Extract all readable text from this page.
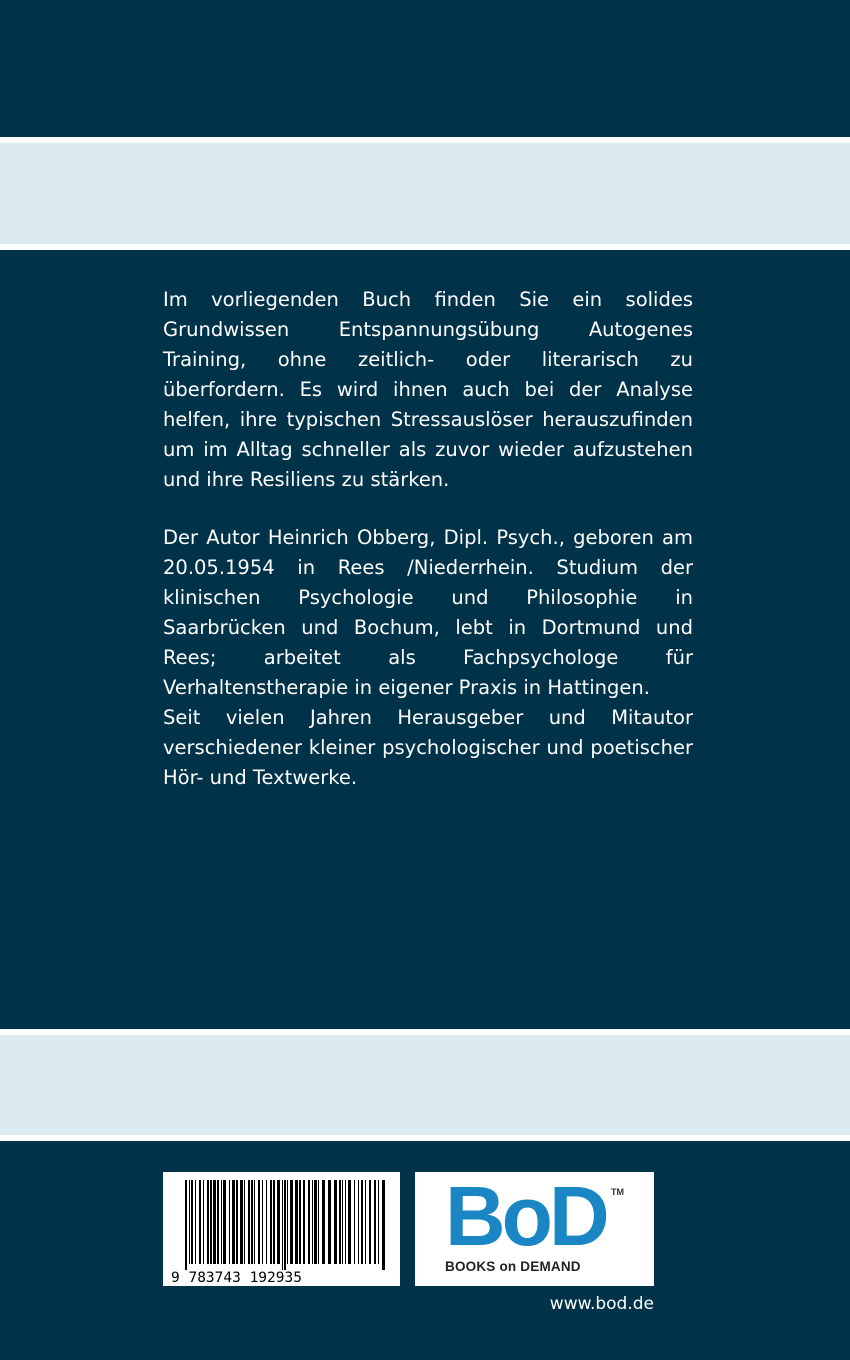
Im vorliegenden Buch finden Sie ein solides Grundwissen Entspannungsübung Autogenes Training, ohne zeitlich- oder literarisch zu überfordern. Es wird ihnen auch bei der Analyse helfen, ihre typischen Stressauslöser herauszufinden um im Alltag schneller als zuvor wieder aufzustehen und ihre Resiliens zu stärken.

Der Autor Heinrich Obberg, Dipl. Psych., geboren am 20.05.1954 in Rees /Niederrhein. Studium der klinischen Psychologie und Philosophie in Saarbrücken und Bochum, lebt in Dortmund und Rees; arbeitet als Fachpsychologe für Verhaltenstherapie in eigener Praxis in Hattingen.

Seit vielen Jahren Herausgeber und Mitautor verschiedener kleiner psychologischer und poetischer Hör- und Textwerke.

9 783743 192935
BoD TM
BOOKS on DEMAND
www.bod.de
